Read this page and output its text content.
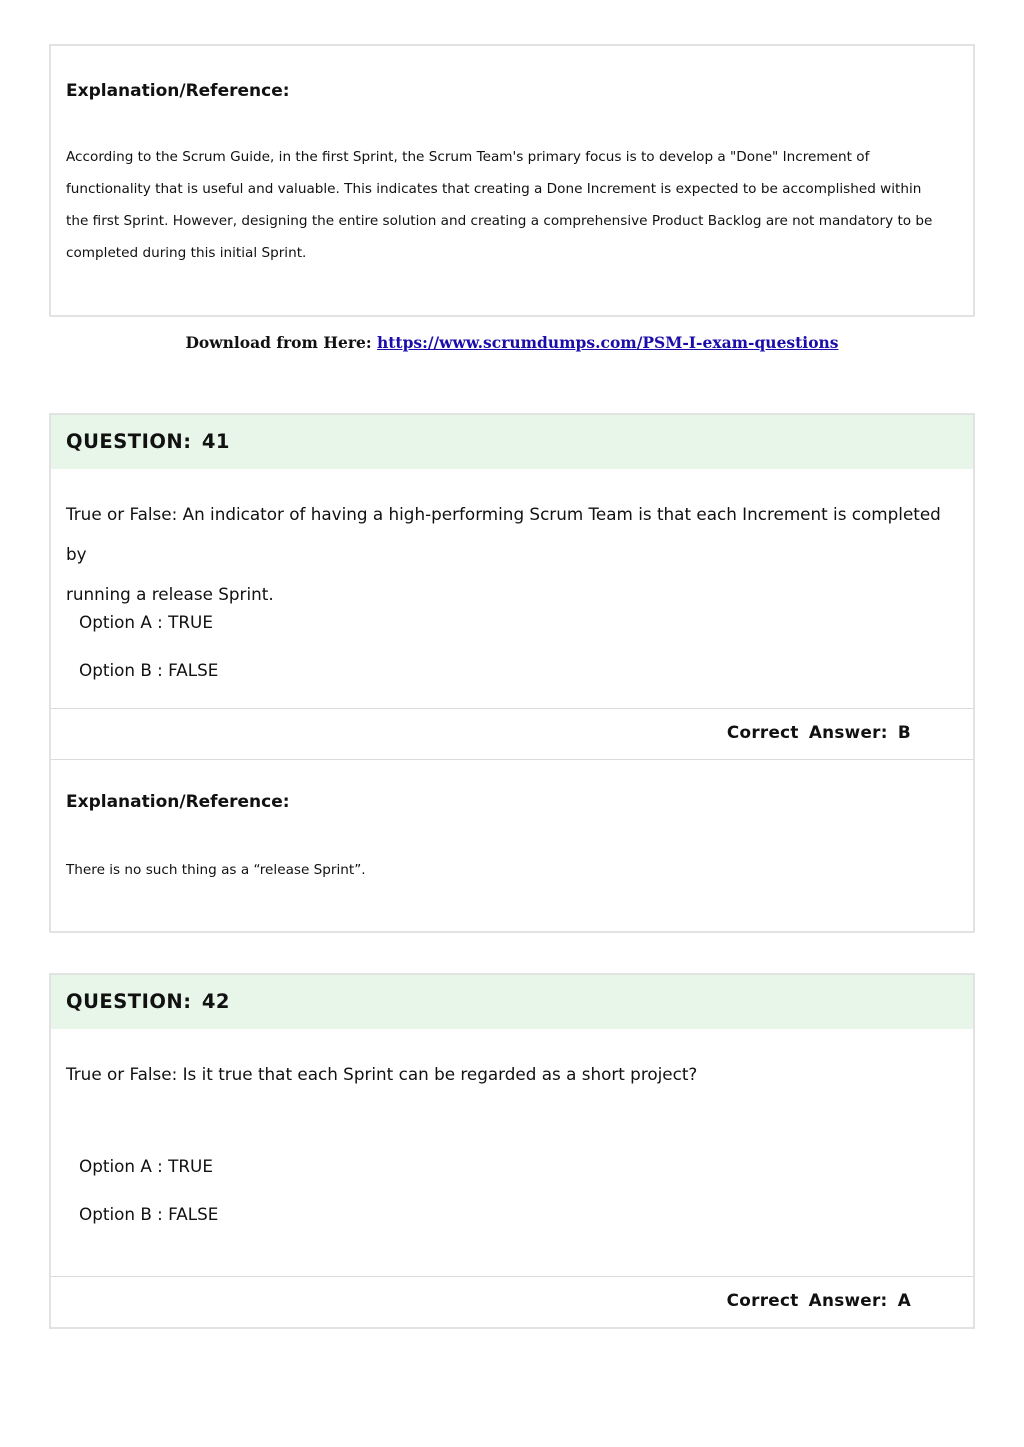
Explanation/Reference:
According to the Scrum Guide, in the first Sprint, the Scrum Team's primary focus is to develop a "Done" Increment of
functionality that is useful and valuable. This indicates that creating a Done Increment is expected to be accomplished within
the first Sprint. However, designing the entire solution and creating a comprehensive Product Backlog are not mandatory to be
completed during this initial Sprint.
Download from Here: https://www.scrumdumps.com/PSM-I-exam-questions
QUESTION: 41
True or False: An indicator of having a high-performing Scrum Team is that each Increment is completed by
running a release Sprint.
Option A : TRUE
Option B : FALSE
Correct Answer: B
Explanation/Reference:
There is no such thing as a “release Sprint”.
QUESTION: 42
True or False: Is it true that each Sprint can be regarded as a short project?
Option A : TRUE
Option B : FALSE
Correct Answer: A
